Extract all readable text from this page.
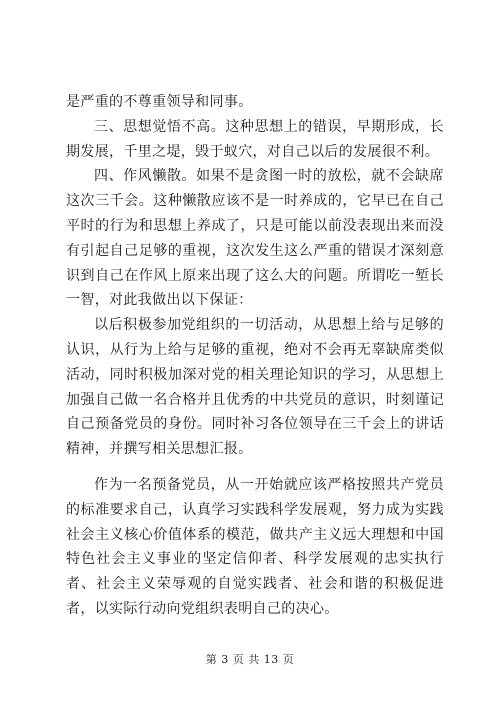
是严重的不尊重领导和同事。

三、思想觉悟不高。这种思想上的错误，早期形成，长期发展，千里之堤，毁于蚁穴，对自己以后的发展很不利。

四、作风懒散。如果不是贪图一时的放松，就不会缺席这次三千会。这种懒散应该不是一时养成的，它早已在自己平时的行为和思想上养成了，只是可能以前没表现出来而没有引起自己足够的重视，这次发生这么严重的错误才深刻意识到自己在作风上原来出现了这么大的问题。所谓吃一堑长一智，对此我做出以下保证：

以后积极参加党组织的一切活动，从思想上给与足够的认识，从行为上给与足够的重视，绝对不会再无辜缺席类似活动，同时积极加深对党的相关理论知识的学习，从思想上加强自己做一名合格并且优秀的中共党员的意识，时刻谨记自己预备党员的身份。同时补习各位领导在三千会上的讲话精神，并撰写相关思想汇报。

作为一名预备党员，从一开始就应该严格按照共产党员的标准要求自己，认真学习实践科学发展观，努力成为实践社会主义核心价值体系的模范，做共产主义远大理想和中国特色社会主义事业的坚定信仰者、科学发展观的忠实执行者、社会主义荣辱观的自觉实践者、社会和谐的积极促进者，以实际行动向党组织表明自己的决心。

第 3 页 共 13 页
